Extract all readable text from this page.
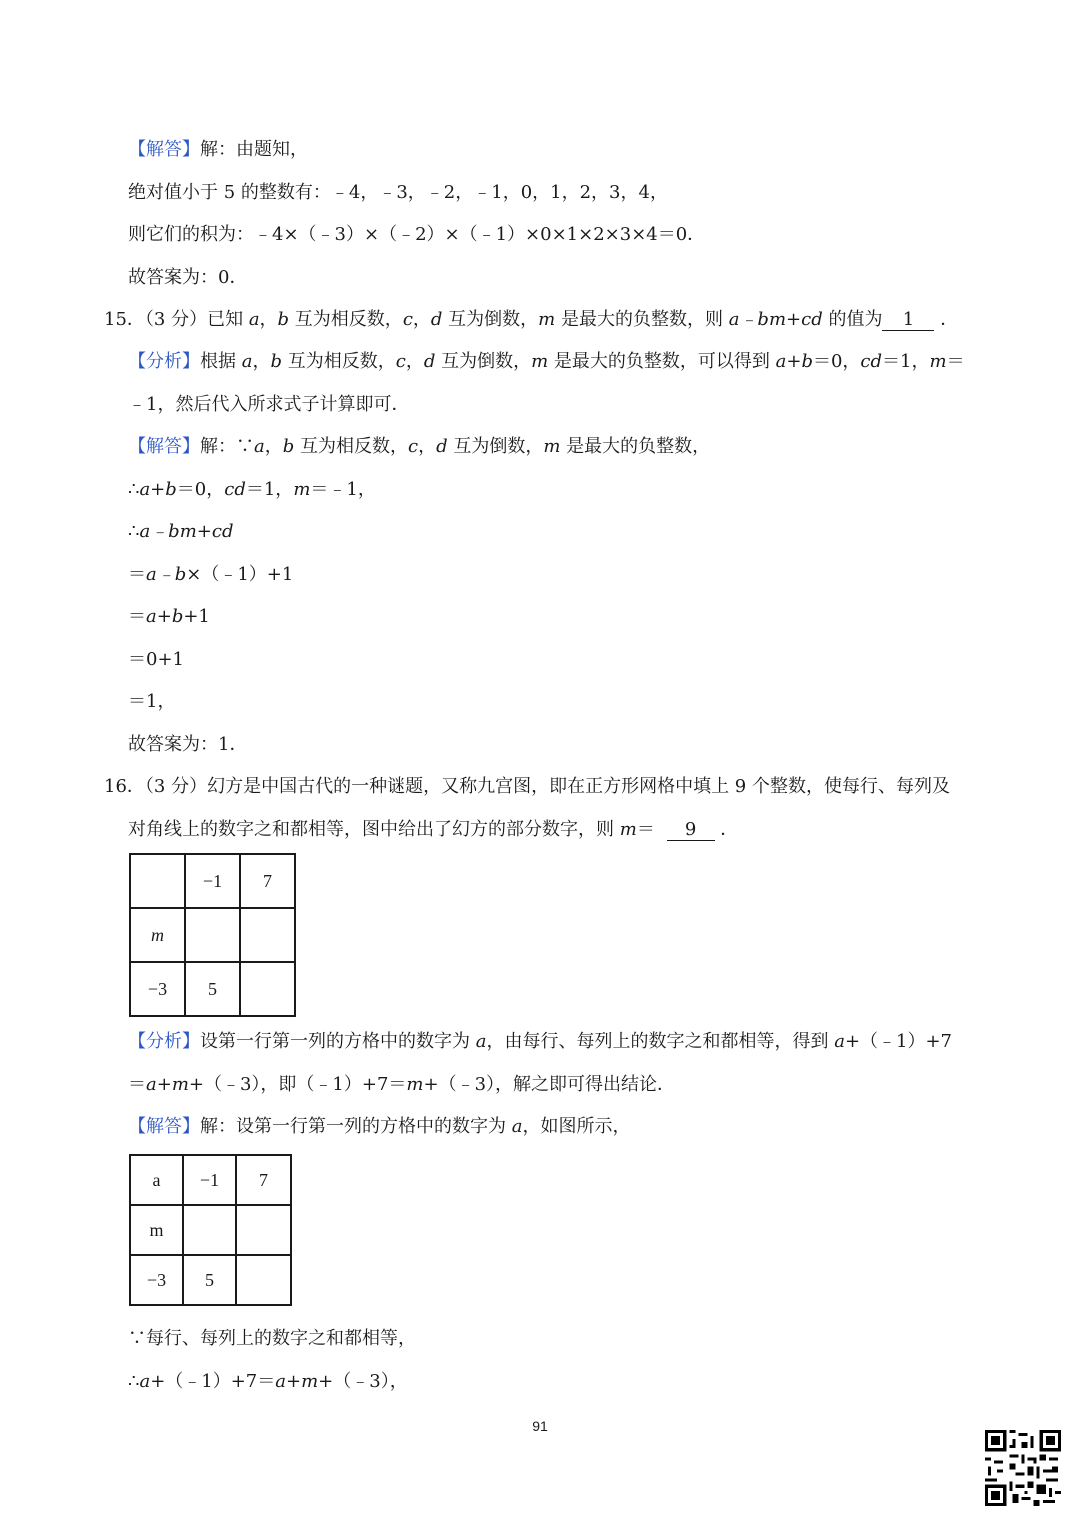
【解答】解：由题知，
绝对值小于 5 的整数有：﹣4，﹣3，﹣2，﹣1，0，1，2，3，4，
则它们的积为：﹣4×（﹣3）×（﹣2）×（﹣1）×0×1×2×3×4＝0．
故答案为：0．
15．（3 分）已知 a，b 互为相反数，c，d 互为倒数，m 是最大的负整数，则 a﹣bm+cd 的值为 1 ．
【分析】根据 a，b 互为相反数，c，d 互为倒数，m 是最大的负整数，可以得到 a+b＝0，cd＝1，m＝
﹣1，然后代入所求式子计算即可．
【解答】解：∵a，b 互为相反数，c，d 互为倒数，m 是最大的负整数，
∴a+b＝0，cd＝1，m＝﹣1，
∴a﹣bm+cd
＝a﹣b×（﹣1）+1
＝a+b+1
＝0+1
＝1，
故答案为：1．
16．（3 分）幻方是中国古代的一种谜题，又称九宫图，即在正方形网格中填上 9 个整数，使每行、每列及
对角线上的数字之和都相等，图中给出了幻方的部分数字，则 m＝ 9 ．
	−1	7
m		
−3	5	
【分析】设第一行第一列的方格中的数字为 a，由每行、每列上的数字之和都相等，得到 a+（﹣1）+7
＝a+m+（﹣3），即（﹣1）+7＝m+（﹣3），解之即可得出结论．
【解答】解：设第一行第一列的方格中的数字为 a，如图所示，
a	−1	7
m		
−3	5	
∵每行、每列上的数字之和都相等，
∴a+（﹣1）+7＝a+m+（﹣3），
91
